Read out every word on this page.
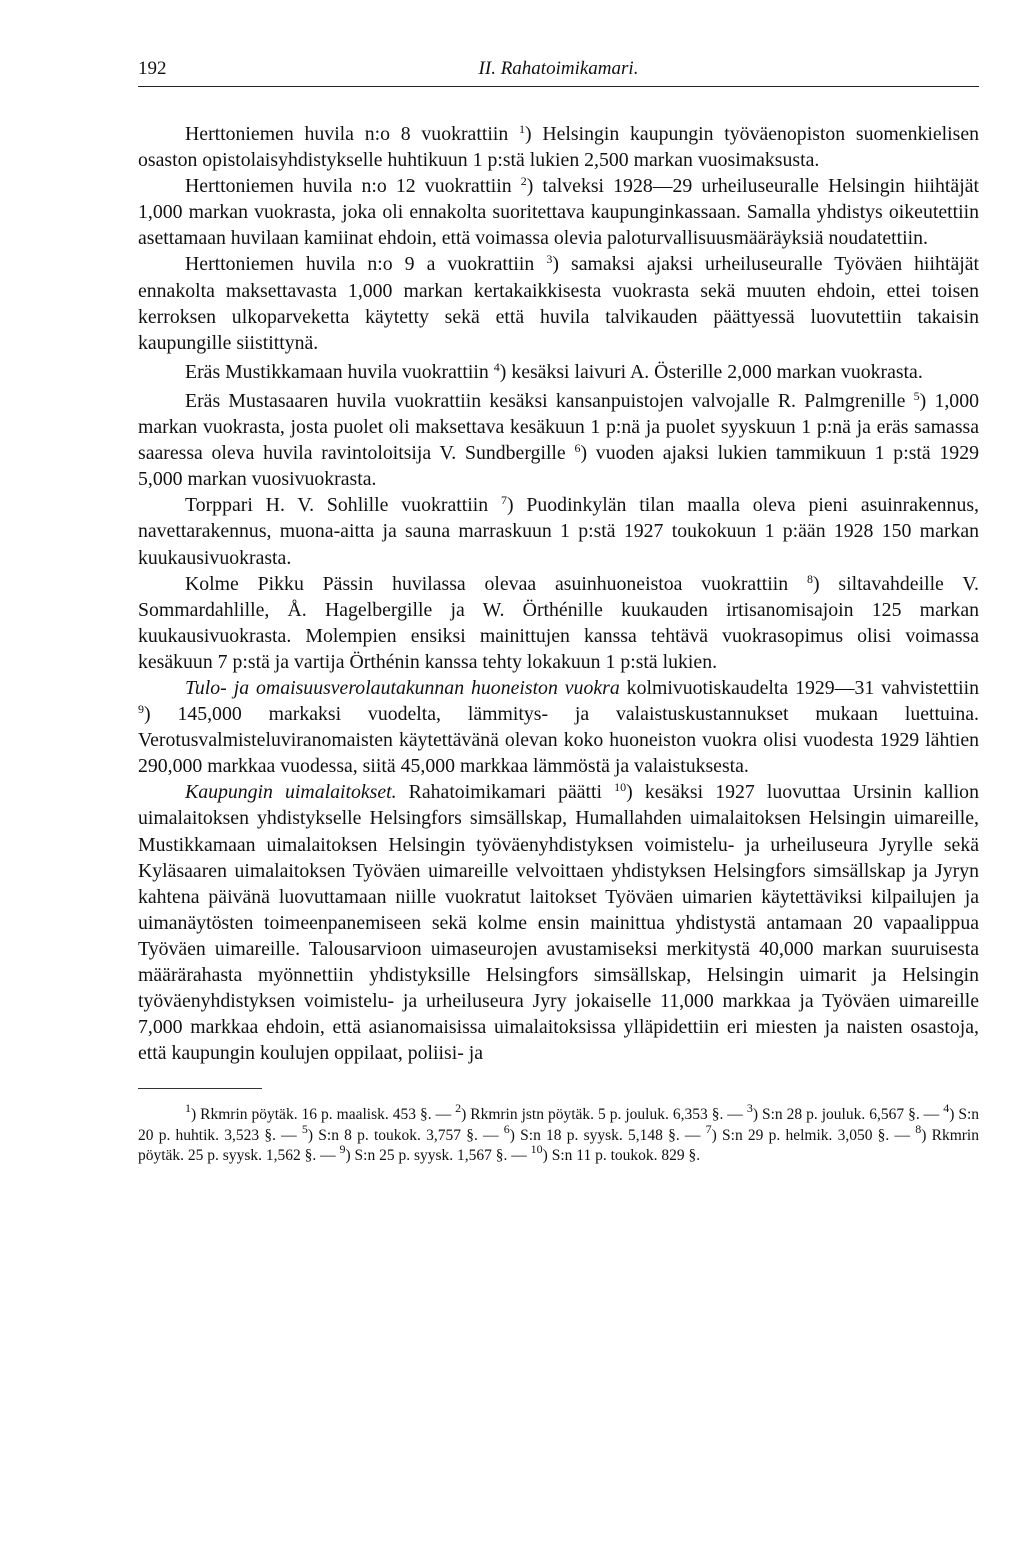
192	II. Rahatoimikamari.

Herttoniemen huvila n:o 8 vuokrattiin $^1$) Helsingin kaupungin työväenopiston suomenkielisen osaston opistolaisyhdistykselle huhtikuun 1 p:stä lukien 2,500 markan vuosimaksusta.

Herttoniemen huvila n:o 12 vuokrattiin $^2$) talveksi 1928—29 urheiluseuralle Helsingin hiihtäjät 1,000 markan vuokrasta, joka oli ennakolta suoritettava kaupunginkassaan. Samalla yhdistys oikeutettiin asettamaan huvilaan kamiinat ehdoin, että voimassa olevia paloturvallisuusmääräyksiä noudatettiin.

Herttoniemen huvila n:o 9 a vuokrattiin $^3$) samaksi ajaksi urheiluseuralle Työväen hiihtäjät ennakolta maksettavasta 1,000 markan kertakaikkisesta vuokrasta sekä muuten ehdoin, ettei toisen kerroksen ulkoparveketta käytetty sekä että huvila talvikauden päättyessä luovutettiin takaisin kaupungille siistittynä.

Eräs Mustikkamaan huvila vuokrattiin $^4$) kesäksi laivuri A. Österille 2,000 markan vuokrasta.

Eräs Mustasaaren huvila vuokrattiin kesäksi kansanpuistojen valvojalle R. Palmgrenille $^5$) 1,000 markan vuokrasta, josta puolet oli maksettava kesäkuun 1 p:nä ja puolet syyskuun 1 p:nä ja eräs samassa saaressa oleva huvila ravintoloitsija V. Sundbergille $^6$) vuoden ajaksi lukien tammikuun 1 p:stä 1929 5,000 markan vuosivuokrasta.

Torppari H. V. Sohlille vuokrattiin $^7$) Puodinkylän tilan maalla oleva pieni asuinrakennus, navettarakennus, muona-aitta ja sauna marraskuun 1 p:stä 1927 toukokuun 1 p:ään 1928 150 markan kuukausivuokrasta.

Kolme Pikku Pässin huvilassa olevaa asuinhuoneistoa vuokrattiin $^8$) siltavahdeille V. Sommardahlille, Å. Hagelbergille ja W. Örthénille kuukauden irtisanomisajoin 125 markan kuukausivuokrasta. Molempien ensiksi mainittujen kanssa tehtävä vuokrasopimus olisi voimassa kesäkuun 7 p:stä ja vartija Örthénin kanssa tehty lokakuun 1 p:stä lukien.

Tulo- ja omaisuusverolautakunnan huoneiston vuokra kolmivuotiskaudelta 1929—31 vahvistettiin $^9$) 145,000 markaksi vuodelta, lämmitys- ja valaistuskustannukset mukaan luettuina. Verotusvalmisteluviranomaisten käytettävänä olevan koko huoneiston vuokra olisi vuodesta 1929 lähtien 290,000 markkaa vuodessa, siitä 45,000 markkaa lämmöstä ja valaistuksesta.

Kaupungin uimalaitokset. Rahatoimikamari päätti $^{10}$) kesäksi 1927 luovuttaa Ursinin kallion uimalaitoksen yhdistykselle Helsingfors simsällskap, Humallahden uimalaitoksen Helsingin uimareille, Mustikkamaan uimalaitoksen Helsingin työväenyhdistyksen voimistelu- ja urheiluseura Jyrylle sekä Kyläsaaren uimalaitoksen Työväen uimareille velvoittaen yhdistyksen Helsingfors simsällskap ja Jyryn kahtena päivänä luovuttamaan niille vuokratut laitokset Työväen uimarien käytettäviksi kilpailujen ja uimanäytösten toimeenpanemiseen sekä kolme ensin mainittua yhdistystä antamaan 20 vapaalippua Työväen uimareille. Talousarvioon uimaseurojen avustamiseksi merkitystä 40,000 markan suuruisesta määrärahasta myönnettiin yhdistyksille Helsingfors simsällskap, Helsingin uimarit ja Helsingin työväenyhdistyksen voimistelu- ja urheiluseura Jyry jokaiselle 11,000 markkaa ja Työväen uimareille 7,000 markkaa ehdoin, että asianomaisissa uimalaitoksissa ylläpidettiin eri miesten ja naisten osastoja, että kaupungin koulujen oppilaat, poliisi- ja

$^1$) Rkmrin pöytäk. 16 p. maalisk. 453 §. — $^2$) Rkmrin jstn pöytäk. 5 p. jouluk. 6,353 §. — $^3$) S:n 28 p. jouluk. 6,567 §. — $^4$) S:n 20 p. huhtik. 3,523 §. — $^5$) S:n 8 p. toukok. 3,757 §. — $^6$) S:n 18 p. syysk. 5,148 §. — $^7$) S:n 29 p. helmik. 3,050 §. — $^8$) Rkmrin pöytäk. 25 p. syysk. 1,562 §. — $^9$) S:n 25 p. syysk. 1,567 §. — $^{10}$) S:n 11 p. toukok. 829 §.
